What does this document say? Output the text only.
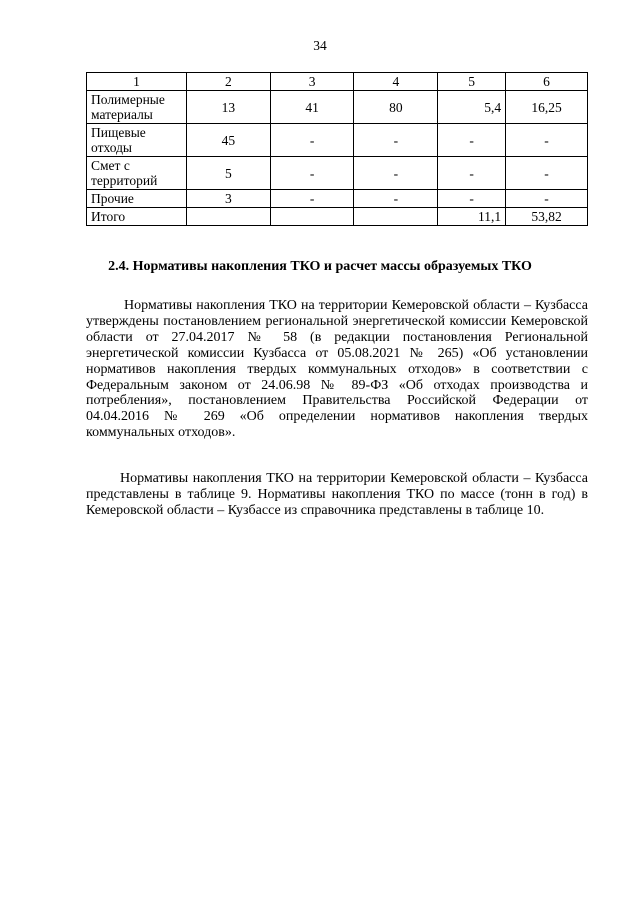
34
1	2	3	4	5	6
Полимерные материалы	13	41	80	5,4	16,25
Пищевые отходы	45	-	-	-	-
Смет с территорий	5	-	-	-	-
Прочие	3	-	-	-	-
Итого				11,1	53,82
2.4. Нормативы накопления ТКО и расчет массы образуемых ТКО

Нормативы накопления ТКО на территории Кемеровской области – Кузбасса утверждены постановлением региональной энергетической комиссии Кемеровской области от 27.04.2017 № 58 (в редакции постановления Региональной энергетической комиссии Кузбасса от 05.08.2021 № 265) «Об установлении нормативов накопления твердых коммунальных отходов» в соответствии с Федеральным законом от 24.06.98 № 89-ФЗ «Об отходах производства и потребления», постановлением Правительства Российской Федерации от 04.04.2016 № 269 «Об определении нормативов накопления твердых коммунальных отходов».

Нормативы накопления ТКО на территории Кемеровской области – Кузбасса представлены в таблице 9. Нормативы накопления ТКО по массе (тонн в год) в Кемеровской области – Кузбассе из справочника представлены в таблице 10.
